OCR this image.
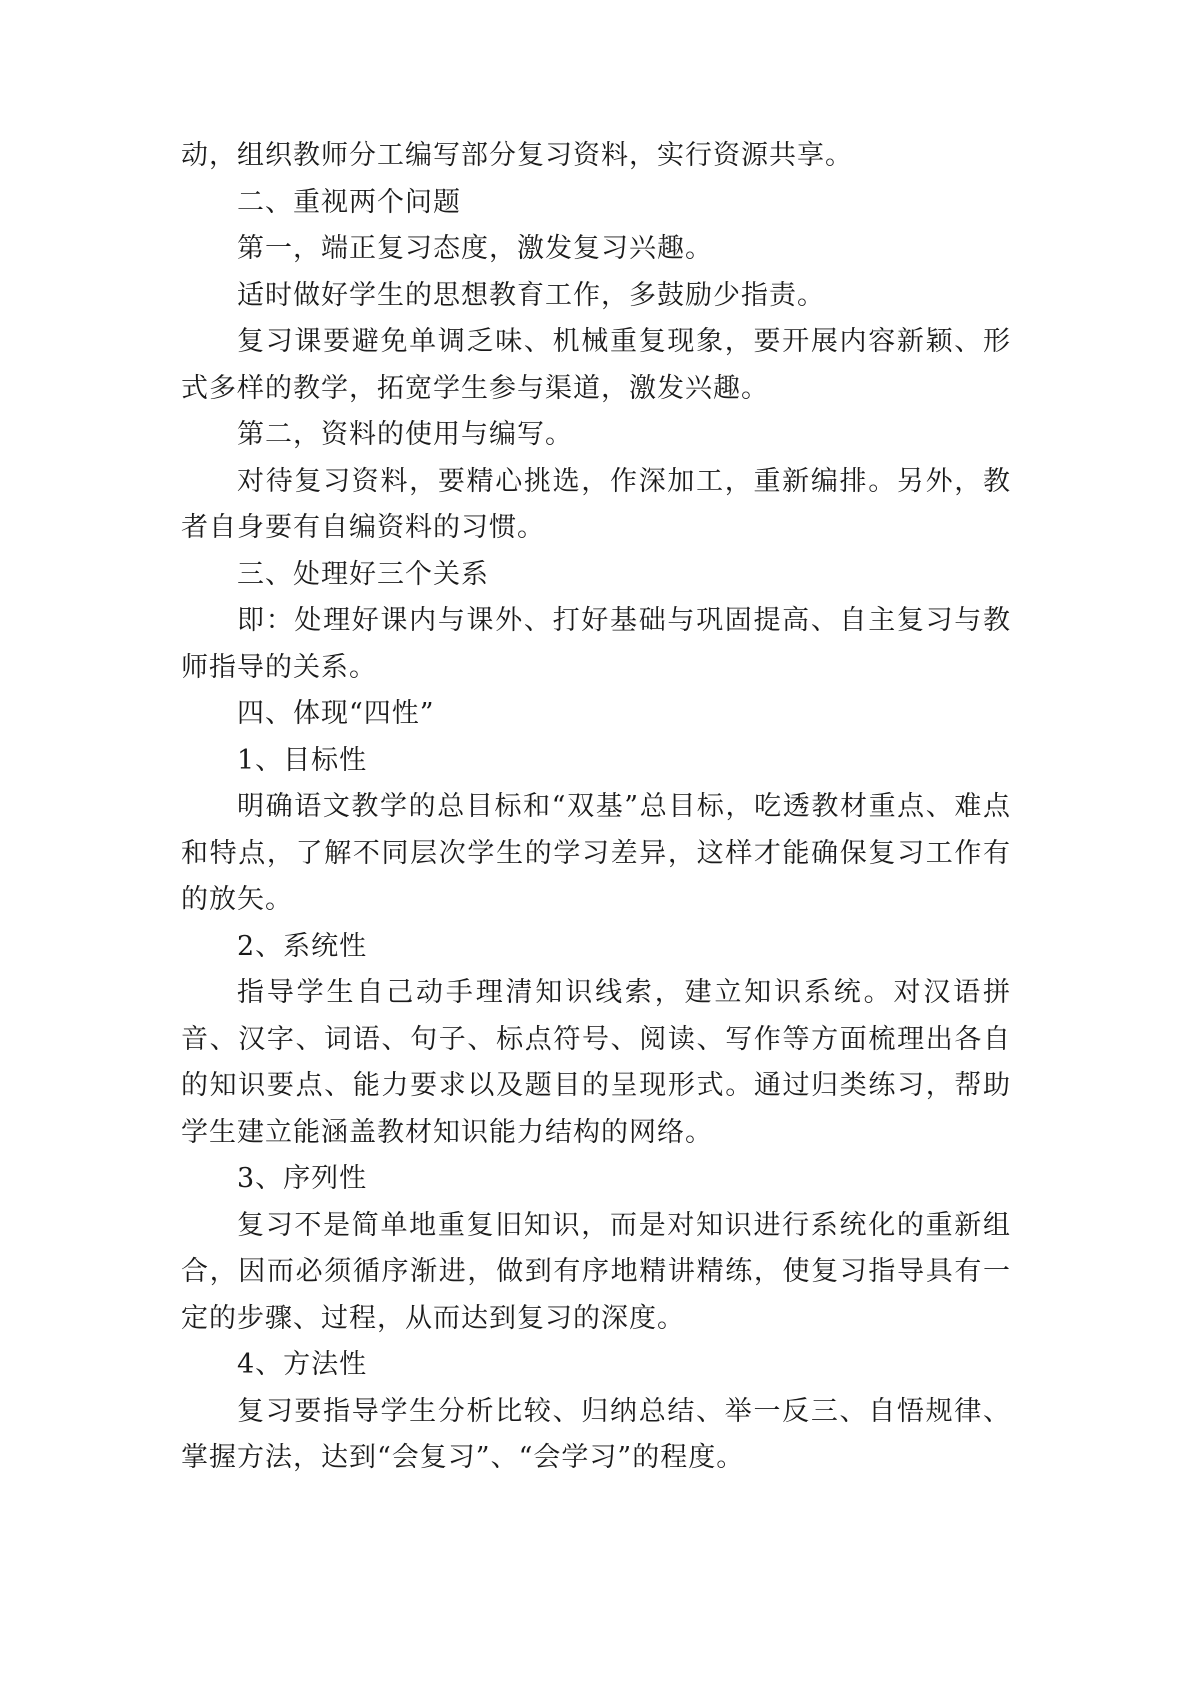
动，组织教师分工编写部分复习资料，实行资源共享。

二、重视两个问题

第一，端正复习态度，激发复习兴趣。

适时做好学生的思想教育工作，多鼓励少指责。

复习课要避免单调乏味、机械重复现象，要开展内容新颖、形式多样的教学，拓宽学生参与渠道，激发兴趣。

第二，资料的使用与编写。

对待复习资料，要精心挑选，作深加工，重新编排。另外，教者自身要有自编资料的习惯。

三、处理好三个关系

即：处理好课内与课外、打好基础与巩固提高、自主复习与教师指导的关系。

四、体现“四性”

1、目标性

明确语文教学的总目标和“双基”总目标，吃透教材重点、难点和特点，了解不同层次学生的学习差异，这样才能确保复习工作有的放矢。

2、系统性

指导学生自己动手理清知识线索，建立知识系统。对汉语拼音、汉字、词语、句子、标点符号、阅读、写作等方面梳理出各自的知识要点、能力要求以及题目的呈现形式。通过归类练习，帮助学生建立能涵盖教材知识能力结构的网络。

3、序列性

复习不是简单地重复旧知识，而是对知识进行系统化的重新组合，因而必须循序渐进，做到有序地精讲精练，使复习指导具有一定的步骤、过程，从而达到复习的深度。

4、方法性

复习要指导学生分析比较、归纳总结、举一反三、自悟规律、掌握方法，达到“会复习”、“会学习”的程度。
